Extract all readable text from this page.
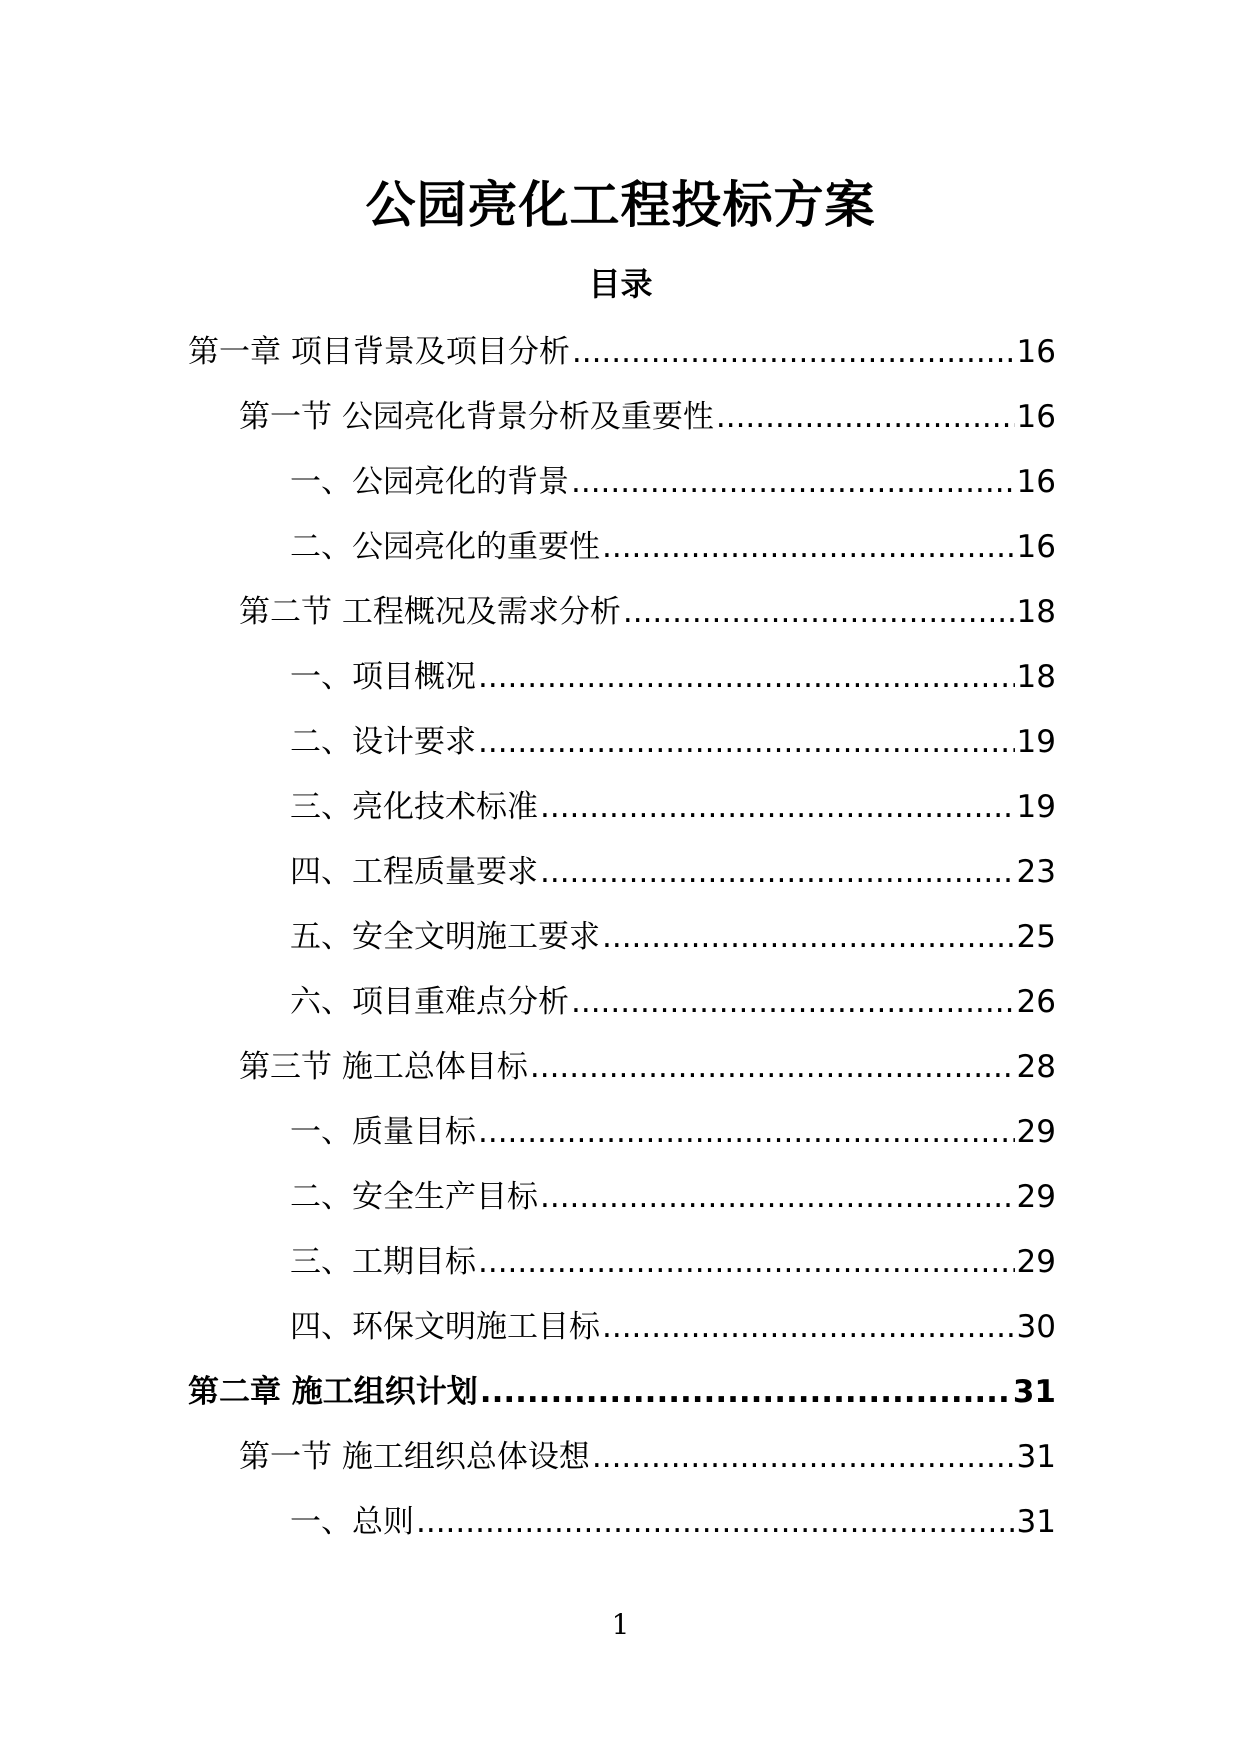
公园亮化工程投标方案
目录
第一章 项目背景及项目分析 .....	16
第一节 公园亮化背景分析及重要性 .....	16
一、公园亮化的背景 .....	16
二、公园亮化的重要性 .....	16
第二节 工程概况及需求分析 .....	18
一、项目概况 .....	18
二、设计要求 .....	19
三、亮化技术标准 .....	19
四、工程质量要求 .....	23
五、安全文明施工要求 .....	25
六、项目重难点分析 .....	26
第三节 施工总体目标 .....	28
一、质量目标 .....	29
二、安全生产目标 .....	29
三、工期目标 .....	29
四、环保文明施工目标 .....	30
第二章 施工组织计划 .....	31
第一节 施工组织总体设想 .....	31
一、总则 .....	31
1
